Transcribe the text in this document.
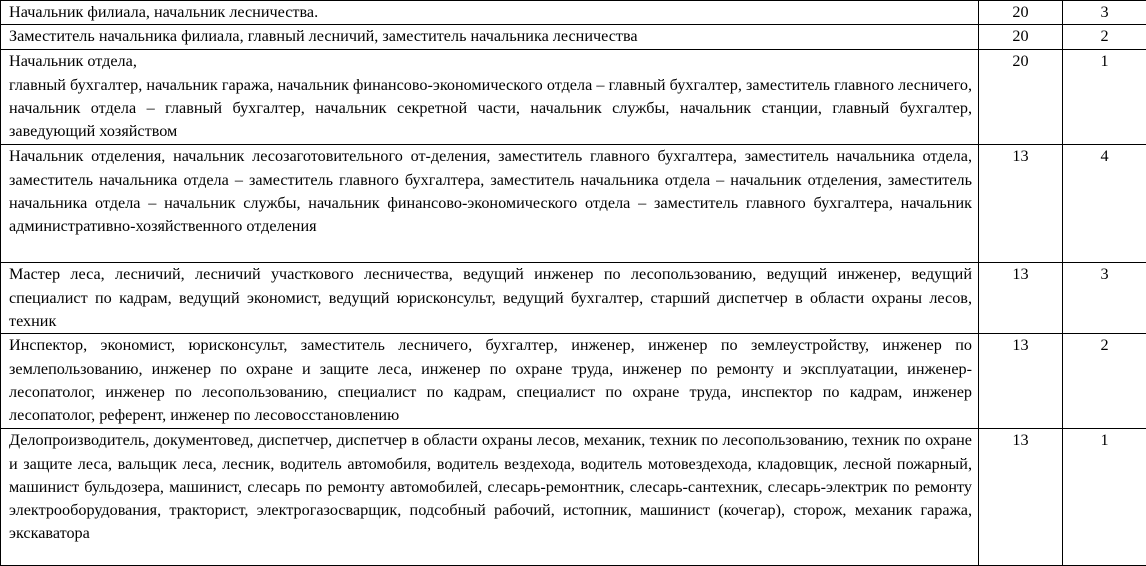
Начальник филиала, начальник лесничества.	20	3
Заместитель начальника филиала, главный лесничий, заместитель начальника лесничества	20	2

Начальник отдела,
главный бухгалтер, начальник гаража, начальник финансово-экономического отдела – главный бухгалтер, заместитель главного лесничего, начальник отдела – главный бухгалтер, начальник секретной части, начальник службы, начальник станции, главный бухгалтер, заведующий хозяйством	20	1
Начальник отделения, начальник лесозаготовительного от-деления, заместитель главного бухгалтера, заместитель начальника отдела, заместитель начальника отдела – заместитель главного бухгалтера, заместитель начальника отдела – начальник отделения, заместитель начальника отдела – начальник службы, начальник финансово-экономического отдела – заместитель главного бухгалтера, начальник административно-хозяйственного отделения	13	4
Мастер леса, лесничий, лесничий участкового лесничества, ведущий инженер по лесопользованию, ведущий инженер, ведущий специалист по кадрам, ведущий экономист, ведущий юрисконсульт, ведущий бухгалтер, старший диспетчер в области охраны лесов, техник	13	3
Инспектор, экономист, юрисконсульт, заместитель лесничего, бухгалтер, инженер, инженер по землеустройству, инженер по землепользованию, инженер по охране и защите леса, инженер по охране труда, инженер по ремонту и эксплуатации, инженер-лесопатолог, инженер по лесопользованию, специалист по кадрам, специалист по охране труда, инспектор по кадрам, инженер лесопатолог, референт, инженер по лесовосстановлению	13	2
Делопроизводитель, документовед, диспетчер, диспетчер в области охраны лесов, механик, техник по лесопользованию, техник по охране и защите леса, вальщик леса, лесник, водитель автомобиля, водитель вездехода, водитель мотовездехода, кладовщик, лесной пожарный, машинист бульдозера, машинист, слесарь по ремонту автомобилей, слесарь-ремонтник, слесарь-сантехник, слесарь-электрик по ремонту электрооборудования, тракторист, электрогазосварщик, подсобный рабочий, истопник, машинист (кочегар), сторож, механик гаража, экскаватора	13	1
